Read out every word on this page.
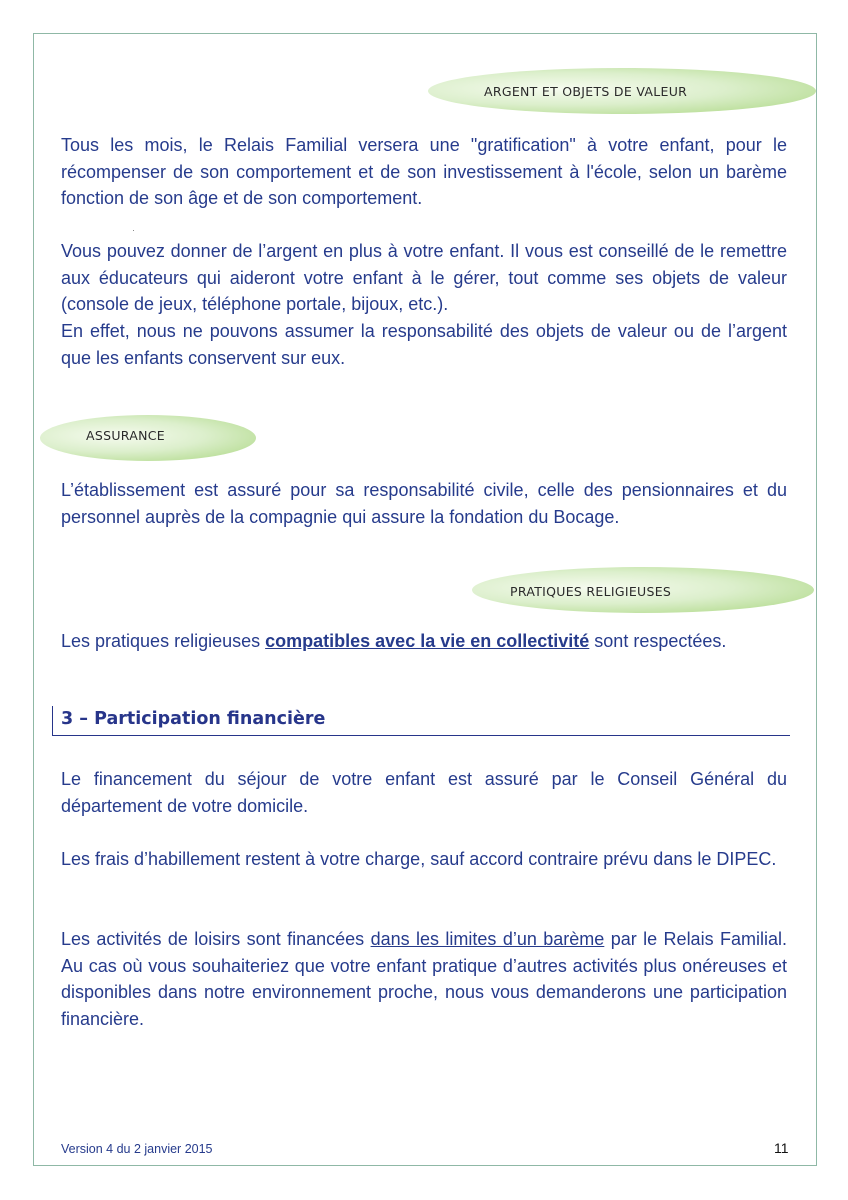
ARGENT ET OBJETS DE VALEUR

Tous les mois, le Relais Familial versera une "gratification" à votre enfant, pour le récompenser de son comportement et de son investissement à l'école, selon un barème fonction de son âge et de son comportement.

Vous pouvez donner de l’argent en plus à votre enfant. Il vous est conseillé de le remettre aux éducateurs qui aideront votre enfant à le gérer, tout comme ses objets de valeur (console de jeux, téléphone portale, bijoux, etc.).

En effet, nous ne pouvons assumer la responsabilité des objets de valeur ou de l’argent que les enfants conservent sur eux.

ASSURANCE

L’établissement est assuré pour sa responsabilité civile, celle des pensionnaires et du personnel auprès de la compagnie qui assure la fondation du Bocage.

PRATIQUES RELIGIEUSES

Les pratiques religieuses compatibles avec la vie en collectivité sont respectées.

3 – Participation financière

Le financement du séjour de votre enfant est assuré par le Conseil Général du département de votre domicile.

Les frais d’habillement restent à votre charge, sauf accord contraire prévu dans le DIPEC.

Les activités de loisirs sont financées dans les limites d’un barème par le Relais Familial. Au cas où vous souhaiteriez que votre enfant pratique d’autres activités plus onéreuses et disponibles dans notre environnement proche, nous vous demanderons une participation financière.

Version 4 du 2 janvier 2015	11
